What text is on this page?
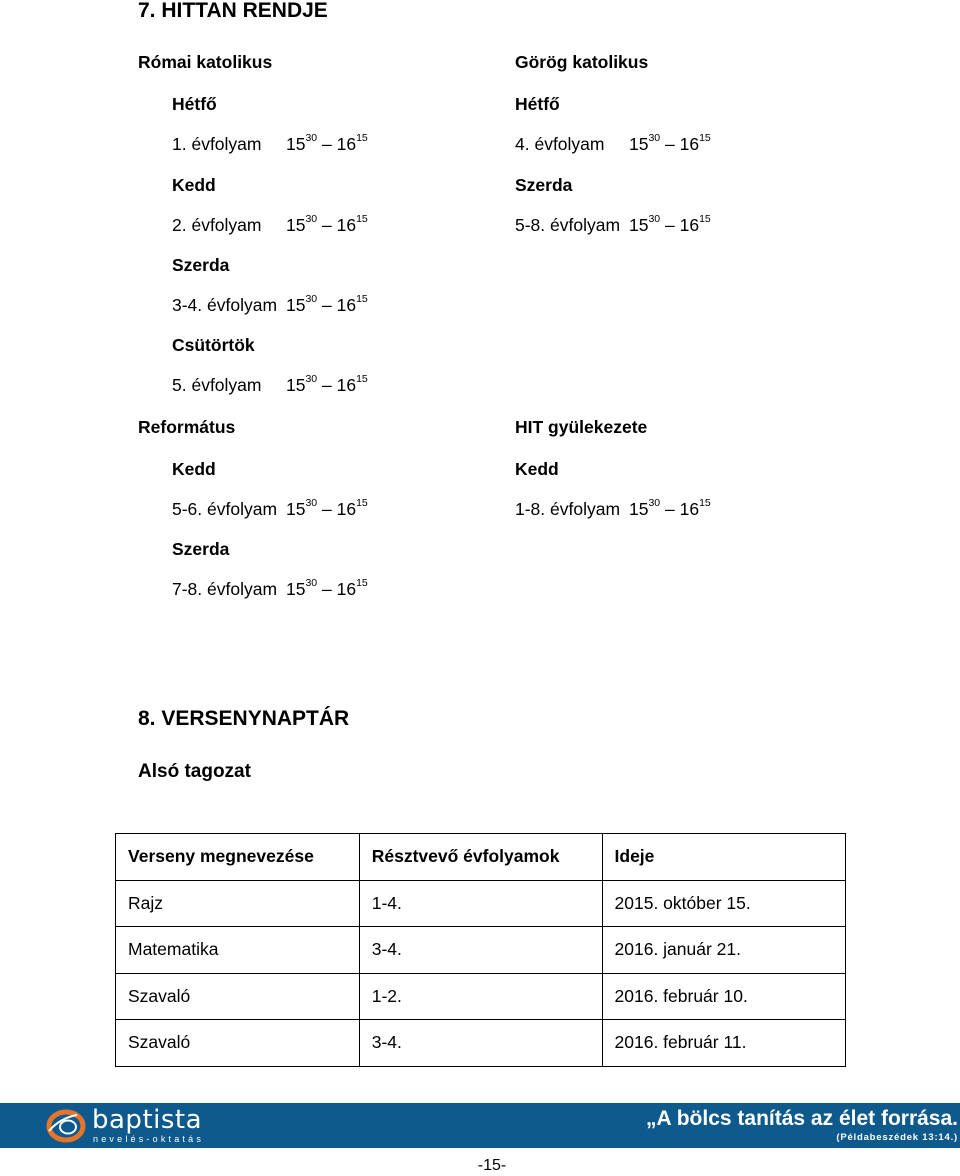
7. HITTAN RENDJE
Római katolikus
Hétfő
1. évfolyam $15^{30} - 16^{15}$
Kedd
2. évfolyam $15^{30} - 16^{15}$
Szerda
3-4. évfolyam $15^{30} - 16^{15}$
Csütörtök
5. évfolyam $15^{30} - 16^{15}$
Görög katolikus
Hétfő
4. évfolyam $15^{30} - 16^{15}$
Szerda
5-8. évfolyam $15^{30} - 16^{15}$
Református
Kedd
5-6. évfolyam $15^{30} - 16^{15}$
Szerda
7-8. évfolyam $15^{30} - 16^{15}$
HIT gyülekezete
Kedd
1-8. évfolyam $15^{30} - 16^{15}$
8. VERSENYNAPTÁR
Alsó tagozat
Verseny megnevezése	Résztvevő évfolyamok	Ideje
Rajz	1-4.	2015. október 15.
Matematika	3-4.	2016. január 21.
Szavaló	1-2.	2016. február 10.
Szavaló	3-4.	2016. február 11.
baptista
nevelés-oktatás
„A bölcs tanítás az élet forrása.
(Példabeszédek 13:14.)
-15-
